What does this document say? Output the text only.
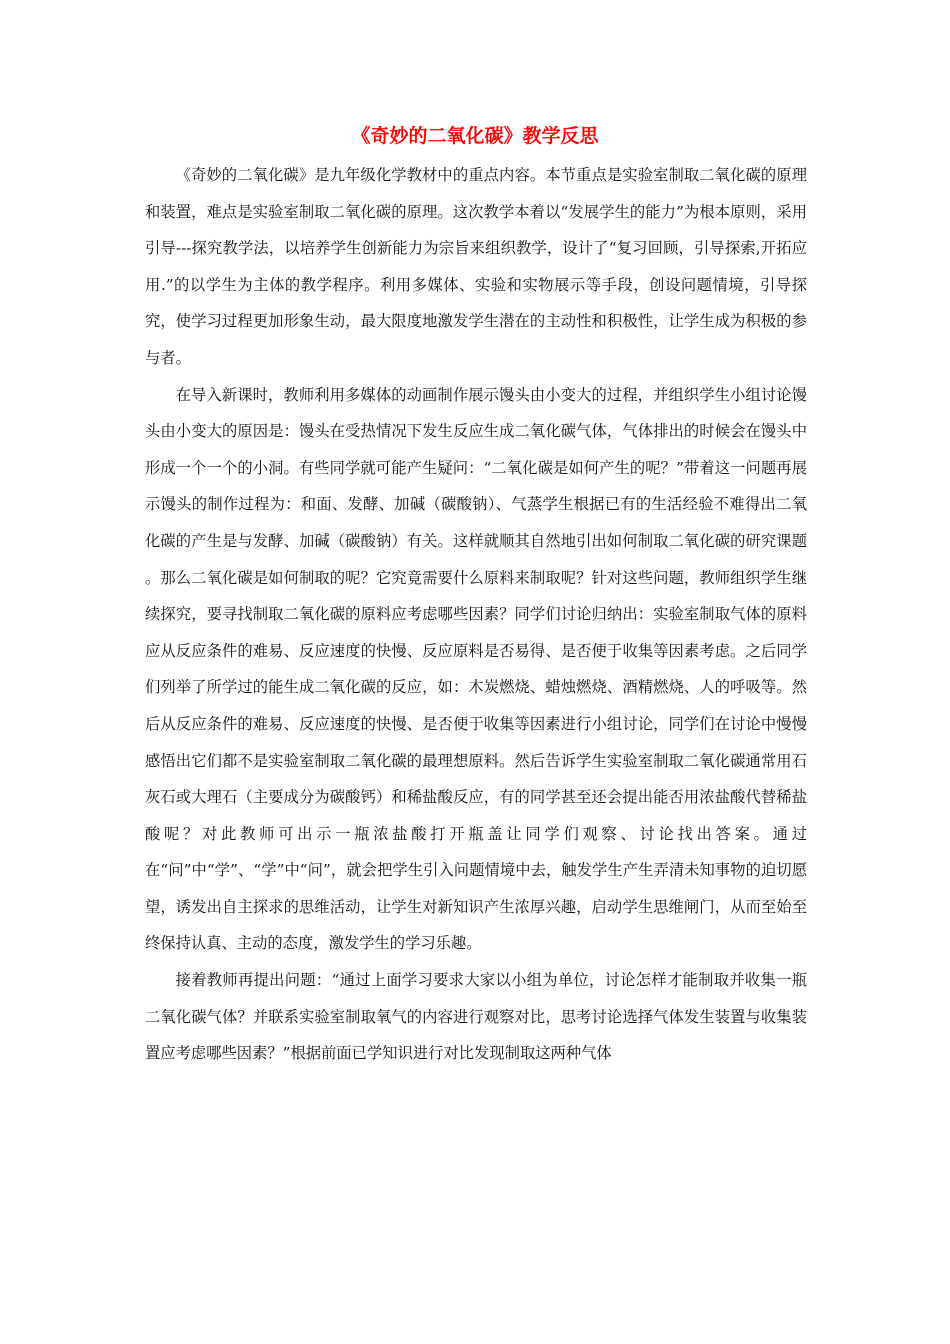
《奇妙的二氧化碳》教学反思

《奇妙的二氧化碳》是九年级化学教材中的重点内容。本节重点是实验室制取二氧化碳的原理和装置，难点是实验室制取二氧化碳的原理。这次教学本着以“发展学生的能力”为根本原则，采用引导---探究教学法，以培养学生创新能力为宗旨来组织教学，设计了“复习回顾，引导探索,开拓应用.”的以学生为主体的教学程序。利用多媒体、实验和实物展示等手段，创设问题情境，引导探究，使学习过程更加形象生动，最大限度地激发学生潜在的主动性和积极性，让学生成为积极的参与者。

在导入新课时，教师利用多媒体的动画制作展示馒头由小变大的过程，并组织学生小组讨论馒头由小变大的原因是：馒头在受热情况下发生反应生成二氧化碳气体，气体排出的时候会在馒头中形成一个一个的小洞。有些同学就可能产生疑问：“二氧化碳是如何产生的呢？”带着这一问题再展示馒头的制作过程为：和面、发酵、加碱（碳酸钠）、气蒸学生根据已有的生活经验不难得出二氧化碳的产生是与发酵、加碱（碳酸钠）有关。这样就顺其自然地引出如何制取二氧化碳的研究课题 。那么二氧化碳是如何制取的呢？它究竟需要什么原料来制取呢？针对这些问题，教师组织学生继续探究，要寻找制取二氧化碳的原料应考虑哪些因素？同学们讨论归纳出：实验室制取气体的原料应从反应条件的难易、反应速度的快慢、反应原料是否易得、是否便于收集等因素考虑。之后同学们列举了所学过的能生成二氧化碳的反应，如：木炭燃烧、蜡烛燃烧、酒精燃烧、人的呼吸等。然后从反应条件的难易、反应速度的快慢、是否便于收集等因素进行小组讨论，同学们在讨论中慢慢感悟出它们都不是实验室制取二氧化碳的最理想原料。然后告诉学生实验室制取二氧化碳通常用石灰石或大理石（主要成分为碳酸钙）和稀盐酸反应，有的同学甚至还会提出能否用浓盐酸代替稀盐酸呢？对此教师可出示一瓶浓盐酸打开瓶盖让同学们观察、讨论找出答案。通过在“问”中“学”、“学”中“问”，就会把学生引入问题情境中去，触发学生产生弄清未知事物的迫切愿望，诱发出自主探求的思维活动，让学生对新知识产生浓厚兴趣，启动学生思维闸门，从而至始至终保持认真、主动的态度，激发学生的学习乐趣。

接着教师再提出问题：“通过上面学习要求大家以小组为单位，讨论怎样才能制取并收集一瓶二氧化碳气体？并联系实验室制取氧气的内容进行观察对比，思考讨论选择气体发生装置与收集装置应考虑哪些因素？”根据前面已学知识进行对比发现制取这两种气体
